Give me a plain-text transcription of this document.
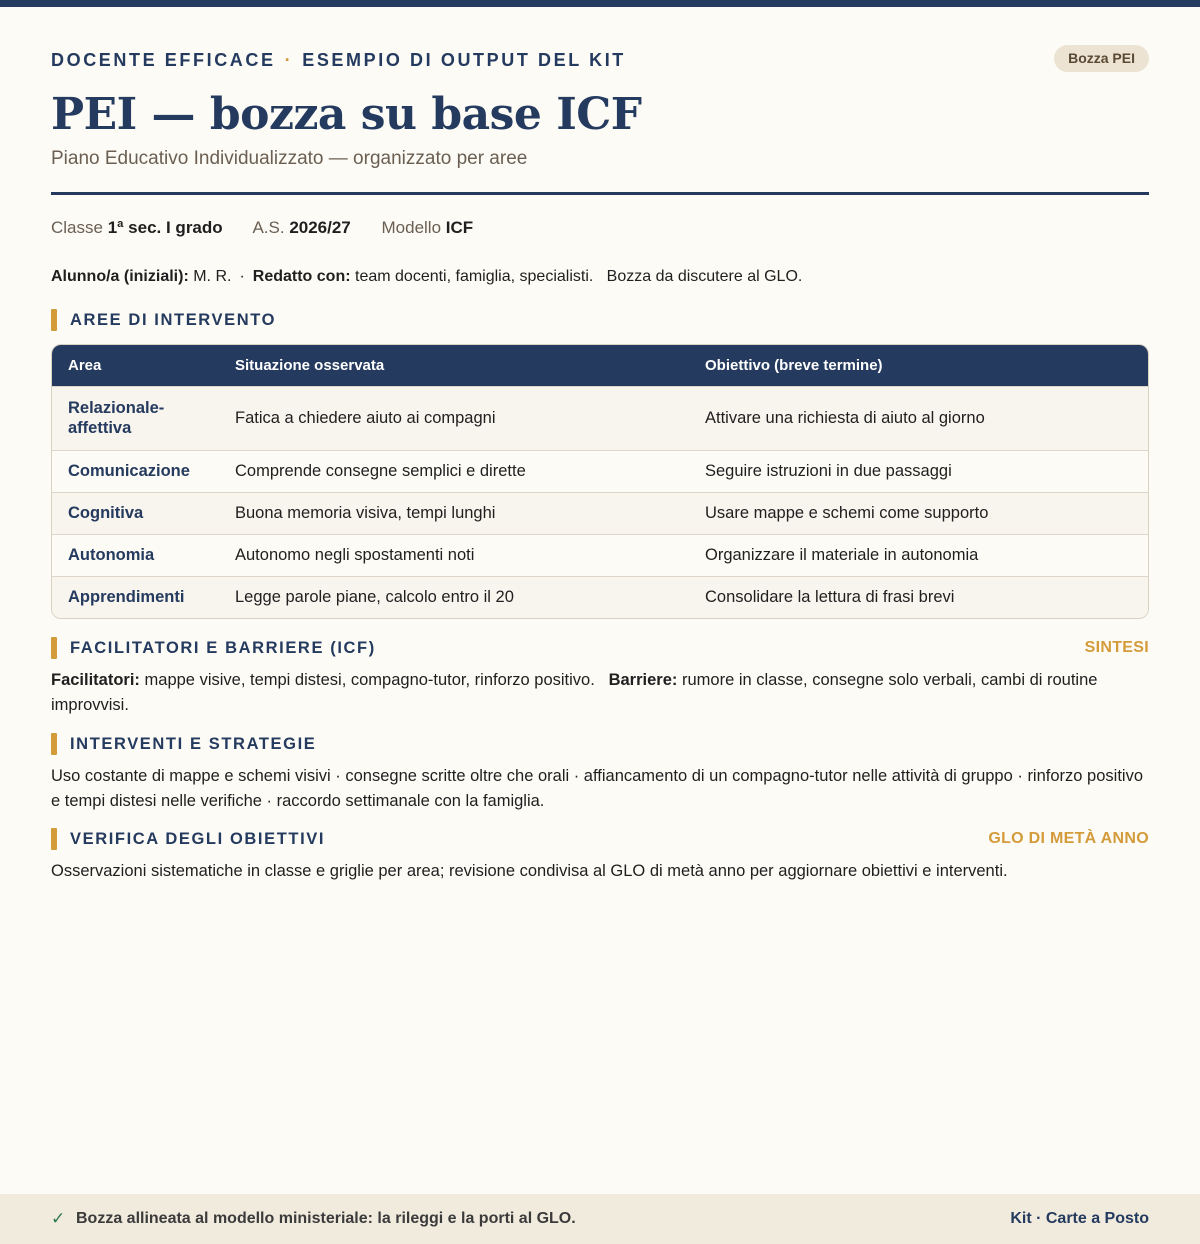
DOCENTE EFFICACE · ESEMPIO DI OUTPUT DEL KIT	Bozza PEI
PEI — bozza su base ICF
Piano Educativo Individualizzato — organizzato per aree
Classe 1ª sec. I grado A.S. 2026/27 Modello ICF
Alunno/a (iniziali): M. R. · Redatto con: team docenti, famiglia, specialisti. Bozza da discutere al GLO.
AREE DI INTERVENTO
Area	Situazione osservata	Obiettivo (breve termine)
Relazionale-affettiva	Fatica a chiedere aiuto ai compagni	Attivare una richiesta di aiuto al giorno
Comunicazione	Comprende consegne semplici e dirette	Seguire istruzioni in due passaggi
Cognitiva	Buona memoria visiva, tempi lunghi	Usare mappe e schemi come supporto
Autonomia	Autonomo negli spostamenti noti	Organizzare il materiale in autonomia
Apprendimenti	Legge parole piane, calcolo entro il 20	Consolidare la lettura di frasi brevi
FACILITATORI E BARRIERE (ICF)	SINTESI
Facilitatori: mappe visive, tempi distesi, compagno-tutor, rinforzo positivo. Barriere: rumore in classe, consegne solo verbali, cambi di routine improvvisi.
INTERVENTI E STRATEGIE
Uso costante di mappe e schemi visivi · consegne scritte oltre che orali · affiancamento di un compagno-tutor nelle attività di gruppo · rinforzo positivo e tempi distesi nelle verifiche · raccordo settimanale con la famiglia.
VERIFICA DEGLI OBIETTIVI	GLO DI METÀ ANNO
Osservazioni sistematiche in classe e griglie per area; revisione condivisa al GLO di metà anno per aggiornare obiettivi e interventi.
✓ Bozza allineata al modello ministeriale: la rileggi e la porti al GLO.	Kit · Carte a Posto
